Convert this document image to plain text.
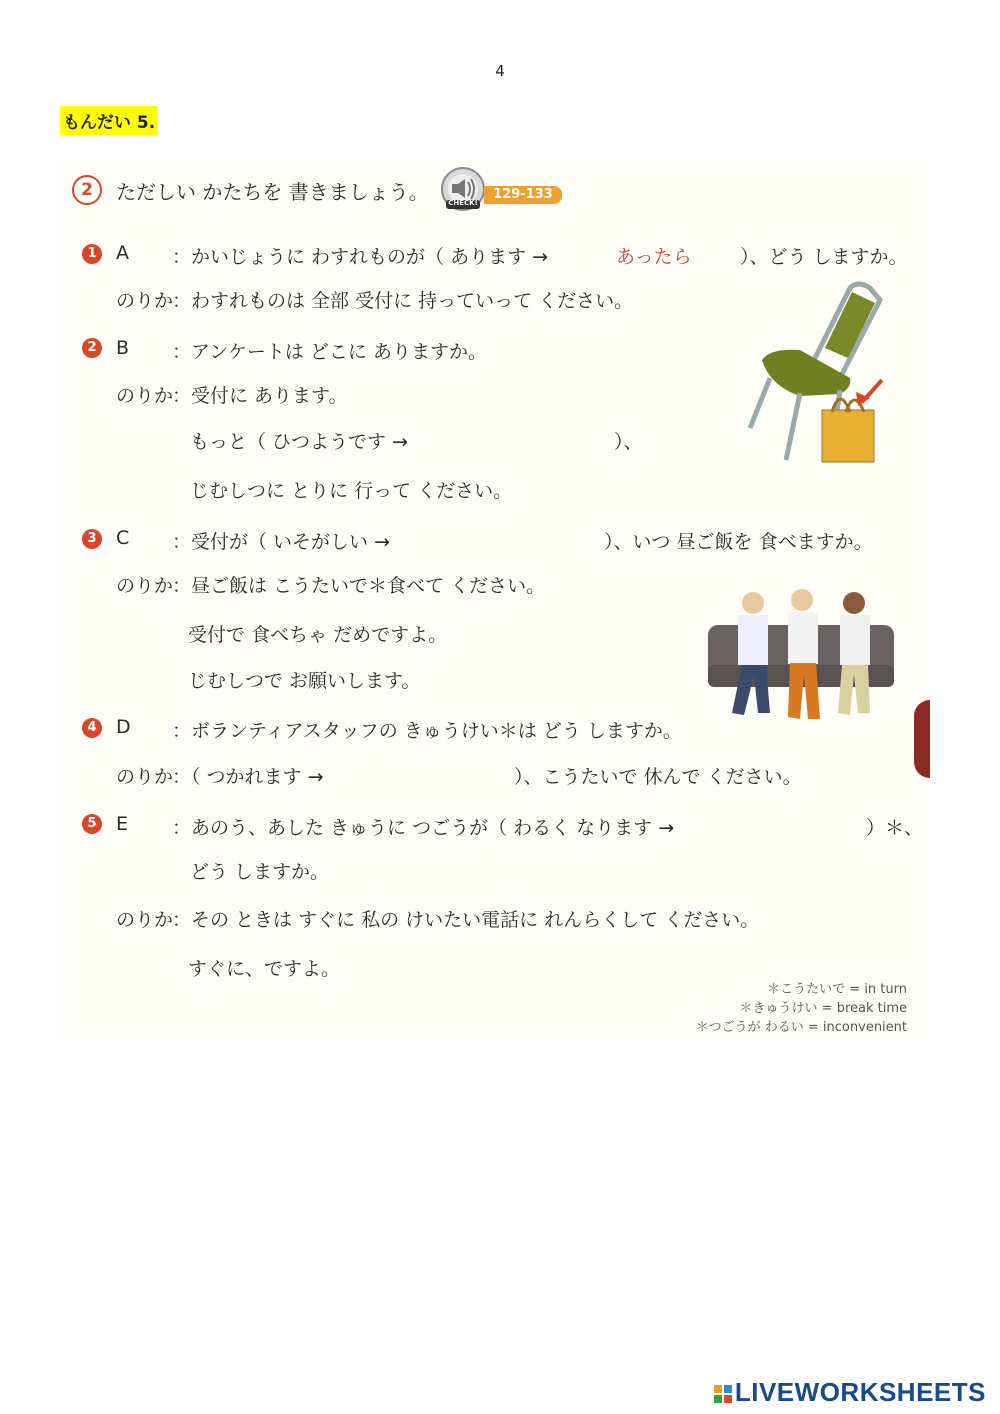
4
もんだい 5.
2	ただしい かたちを 書きましょう。	CHECK!
129-133
1 A ：かいじょうに わすれものが（ あります →	あったら	）、どう しますか。
のりか
：わすれものは 全部 受付に 持っていって ください。
2 B ：アンケートは どこに ありますか。
のりか
：受付に あります。
もっと（ ひつようです →	）、
じむしつに とりに 行って ください。
3 C ：受付が（ いそがしい →	）、いつ 昼ご飯を 食べますか。
のりか
：昼ご飯は こうたいで＊食べて ください。
受付で 食べちゃ だめですよ。
じむしつで お願いします。
4 D ：ボランティアスタッフの きゅうけい＊は どう しますか。
のりか
：（ つかれます →	）、こうたいで 休んで ください。
5 E ：あのう、あした きゅうに つごうが（ わるく なります →	）＊、
どう しますか。
のりか
：その ときは すぐに 私の けいたい電話に れんらくして ください。
すぐに、ですよ。
＊こうたいで = in turn
＊きゅうけい = break time
＊つごうが わるい = inconvenient
LIVEWORKSHEETS
